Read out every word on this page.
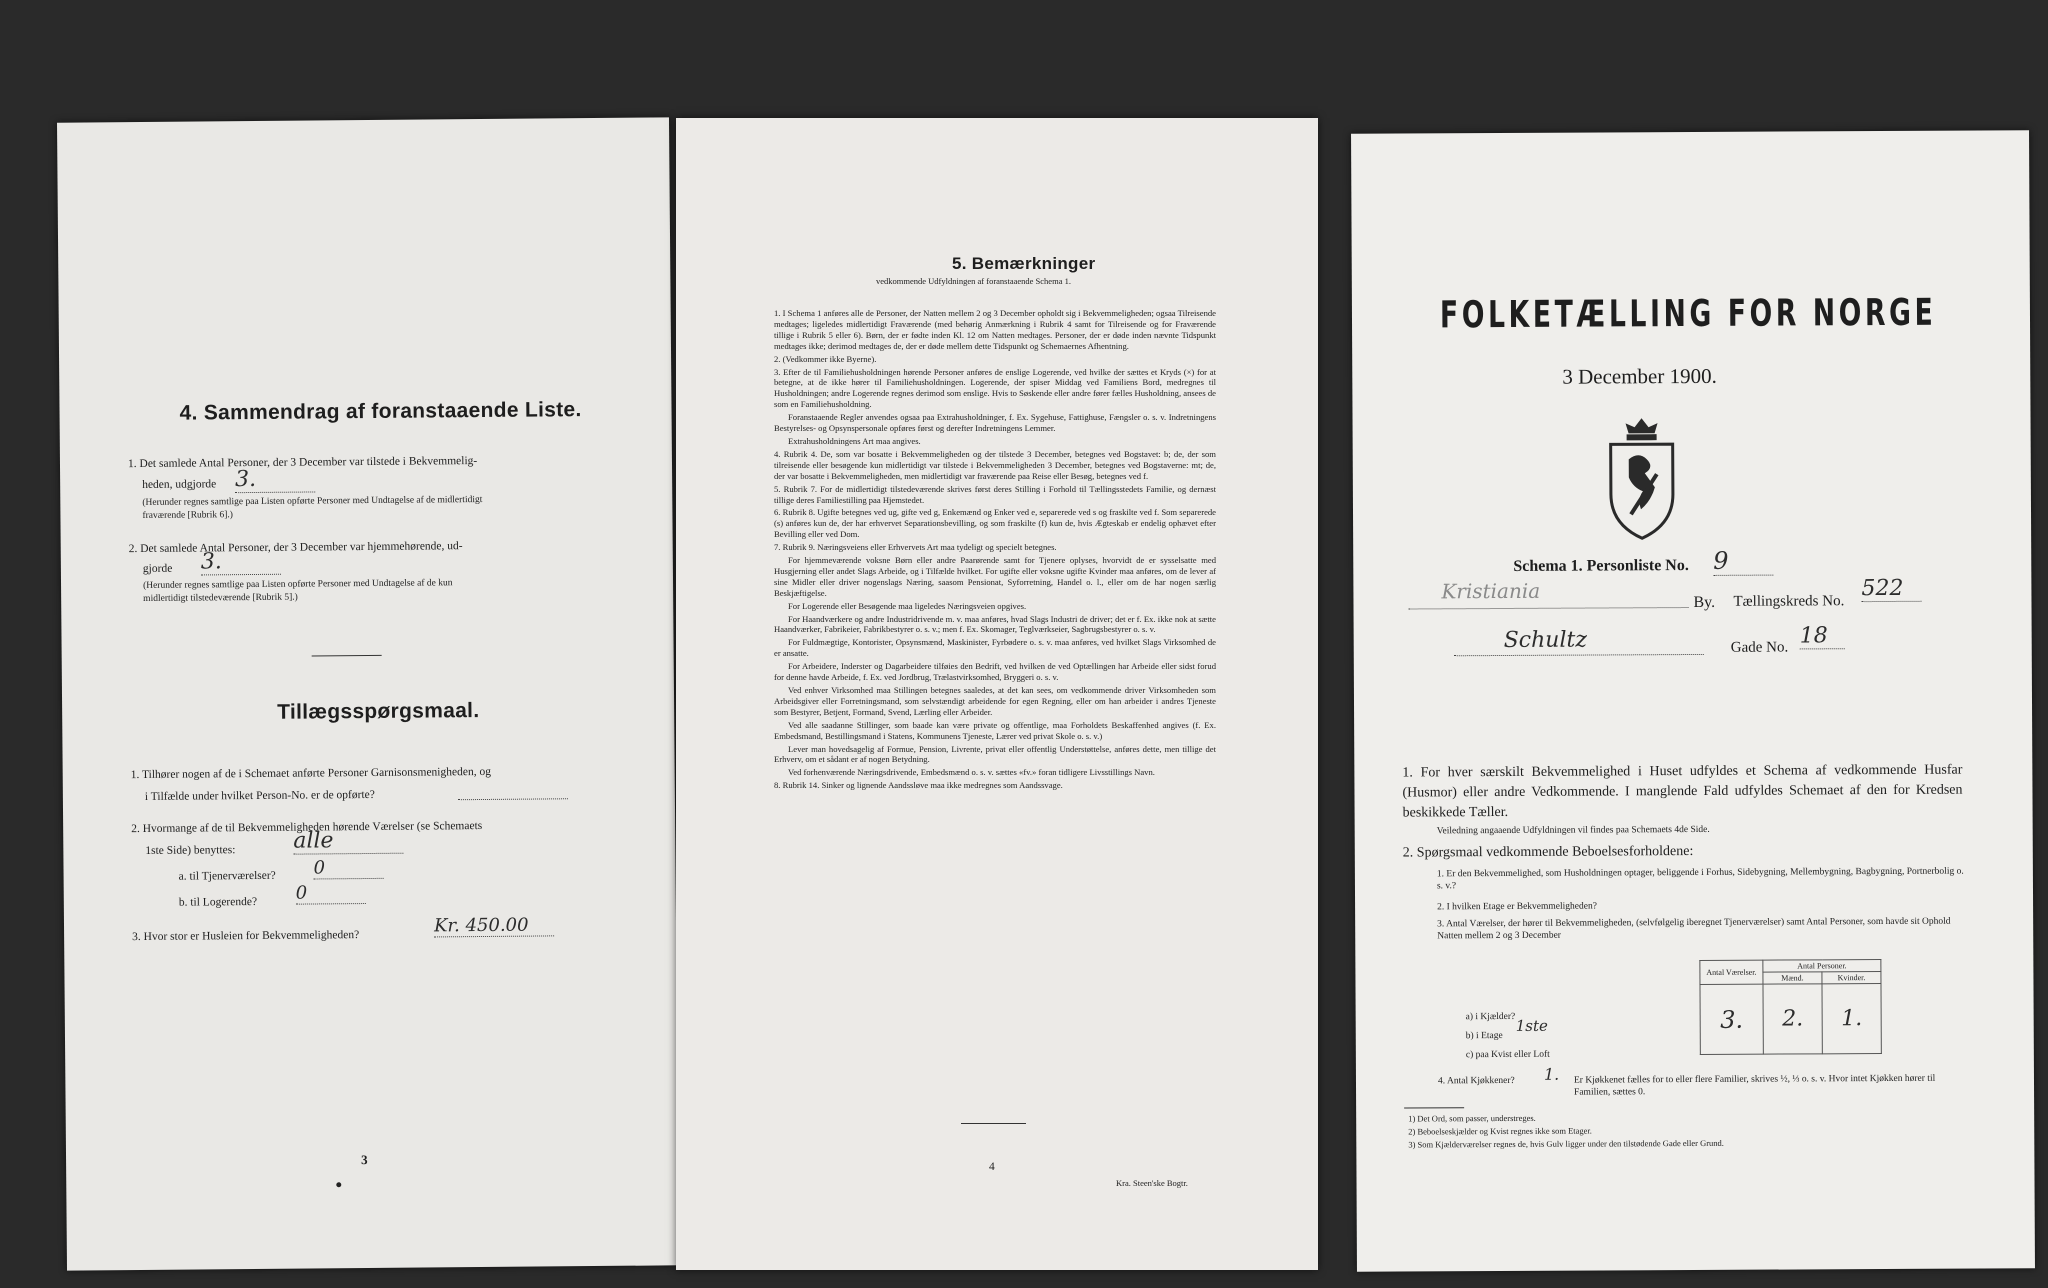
4. Sammendrag af foranstaaende Liste.
1. Det samlede Antal Personer, der 3 December var tilstede i Bekvemmelig-
heden, udgjorde 3.
(Herunder regnes samtlige paa Listen opførte Personer med Undtagelse af de midlertidigt
fraværende [Rubrik 6].)
2. Det samlede Antal Personer, der 3 December var hjemmehørende, ud-
gjorde 3.
(Herunder regnes samtlige paa Listen opførte Personer med Undtagelse af de kun
midlertidigt tilstedeværende [Rubrik 5].)
Tillægsspørgsmaal.
1. Tilhører nogen af de i Schemaet anførte Personer Garnisonsmenigheden, og
i Tilfælde under hvilket Person-No. er de opførte?
2. Hvormange af de til Bekvemmeligheden hørende Værelser (se Schemaets
1ste Side) benyttes:	alle
a. til Tjenerværelser? 0
b. til Logerende? 0
3. Hvor stor er Husleien for Bekvemmeligheden?	Kr. 450.00
3
5. Bemærkninger
vedkommende Udfyldningen af foranstaaende Schema 1.
1. I Schema 1 anføres alle de Personer, der Natten mellem 2 og 3 December opholdt sig i Bekvemmeligheden; ogsaa Tilreisende medtages; ligeledes midlertidigt Fraværende (med behørig Anmærkning i Rubrik 4 samt for Tilreisende og for Fraværende tillige i Rubrik 5 eller 6). Børn, der er fødte inden Kl. 12 om Natten medtages. Personer, der er døde inden nævnte Tidspunkt medtages ikke; derimod medtages de, der er døde mellem dette Tidspunkt og Schemaernes Afhentning.
2. (Vedkommer ikke Byerne).
3. Efter de til Familiehusholdningen hørende Personer anføres de enslige Logerende, ved hvilke der sættes et Kryds (×) for at betegne, at de ikke hører til Familiehusholdningen. Logerende, der spiser Middag ved Familiens Bord, medregnes til Husholdningen; andre Logerende regnes derimod som enslige. Hvis to Søskende eller andre fører fælles Husholdning, ansees de som en Familiehusholdning.
Foranstaaende Regler anvendes ogsaa paa Extrahusholdninger, f. Ex. Sygehuse, Fattighuse, Fængsler o. s. v. Indretningens Bestyrelses- og Opsynspersonale opføres først og derefter Indretningens Lemmer.
Extrahusholdningens Art maa angives.
4. Rubrik 4. De, som var bosatte i Bekvemmeligheden og der tilstede 3 December, betegnes ved Bogstavet: b; de, der som tilreisende eller besøgende kun midlertidigt var tilstede i Bekvemmeligheden 3 December, betegnes ved Bogstaverne: mt; de, der var bosatte i Bekvemmeligheden, men midlertidigt var fraværende paa Reise eller Besøg, betegnes ved f.
5. Rubrik 7. For de midlertidigt tilstedeværende skrives først deres Stilling i Forhold til Tællingsstedets Familie, og dernæst tillige deres Familiestilling paa Hjemstedet.
6. Rubrik 8. Ugifte betegnes ved ug, gifte ved g, Enkemænd og Enker ved e, separerede ved s og fraskilte ved f. Som separerede (s) anføres kun de, der har erhvervet Separationsbevilling, og som fraskilte (f) kun de, hvis Ægteskab er endelig ophævet efter Bevilling eller ved Dom.
7. Rubrik 9. Næringsveiens eller Erhvervets Art maa tydeligt og specielt betegnes.
For hjemmeværende voksne Børn eller andre Paarørende samt for Tjenere oplyses, hvorvidt de er sysselsatte med Husgjerning eller andet Slags Arbeide, og i Tilfælde hvilket. For ugifte eller voksne ugifte Kvinder maa anføres, om de lever af sine Midler eller driver nogenslags Næring, saasom Pensionat, Syforretning, Handel o. l., eller om de har nogen særlig Beskjæftigelse.
For Logerende eller Besøgende maa ligeledes Næringsveien opgives.
For Haandværkere og andre Industridrivende m. v. maa anføres, hvad Slags Industri de driver; det er f. Ex. ikke nok at sætte Haandværker, Fabrikeier, Fabrikbestyrer o. s. v.; men f. Ex. Skomager, Teglværkseier, Sagbrugsbestyrer o. s. v.
For Fuldmægtige, Kontorister, Opsynsmænd, Maskinister, Fyrbødere o. s. v. maa anføres, ved hvilket Slags Virksomhed de er ansatte.
For Arbeidere, Inderster og Dagarbeidere tilføies den Bedrift, ved hvilken de ved Optællingen har Arbeide eller sidst forud for denne havde Arbeide, f. Ex. ved Jordbrug, Trælastvirksomhed, Bryggeri o. s. v.
Ved enhver Virksomhed maa Stillingen betegnes saaledes, at det kan sees, om vedkommende driver Virksomheden som Arbeidsgiver eller Forretningsmand, som selvstændigt arbeidende for egen Regning, eller om han arbeider i andres Tjeneste som Bestyrer, Betjent, Formand, Svend, Lærling eller Arbeider.
Ved alle saadanne Stillinger, som baade kan være private og offentlige, maa Forholdets Beskaffenhed angives (f. Ex. Embedsmand, Bestillingsmand i Statens, Kommunens Tjeneste, Lærer ved privat Skole o. s. v.)
Lever man hovedsagelig af Formue, Pension, Livrente, privat eller offentlig Understøttelse, anføres dette, men tillige det Erhverv, om et sådant er af nogen Betydning.
Ved forhenværende Næringsdrivende, Embedsmænd o. s. v. sættes «fv.» foran tidligere Livsstillings Navn.
8. Rubrik 14. Sinker og lignende Aandssløve maa ikke medregnes som Aandssvage.
4
Kra. Steen'ske Bogtr.
FOLKETÆLLING FOR NORGE
3 December 1900.
Schema 1. Personliste No. 9
Kristiania	By. Tællingskreds No.
522
Schultz	Gade No. 18
1. For hver særskilt Bekvemmelighed i Huset udfyldes et Schema af vedkommende Husfar (Husmor) eller andre Vedkommende. I manglende Fald udfyldes Schemaet af den for Kredsen beskikkede Tæller.
Veiledning angaaende Udfyldningen vil findes paa Schemaets 4de Side.
2. Spørgsmaal vedkommende Beboelsesforholdene:
1. Er den Bekvemmelighed, som Husholdningen optager, beliggende i Forhus, Sidebygning, Mellembygning, Bagbygning, Portnerbolig o. s. v.?
2. I hvilken Etage er Bekvemmeligheden?
3. Antal Værelser, der hører til Bekvemmeligheden, (selvfølgelig iberegnet Tjenerværelser) samt Antal Personer, som havde sit Ophold Natten mellem 2 og 3 December
Antal Værelser.	Antal Personer.	
	Mænd.	Kvinder.
3.	2.	1.
a) i Kjælder?
b) i Etage
1ste
c) paa Kvist eller Loft
4. Antal Kjøkkener? 1. Er Kjøkkenet fælles for to eller flere Familier, skrives ½, ⅓ o. s. v. Hvor intet Kjøkken hører til Familien, sættes 0.
1) Det Ord, som passer, understreges.
2) Beboelseskjælder og Kvist regnes ikke som Etager.
3) Som Kjælderværelser regnes de, hvis Gulv ligger under den tilstødende Gade eller Grund.
